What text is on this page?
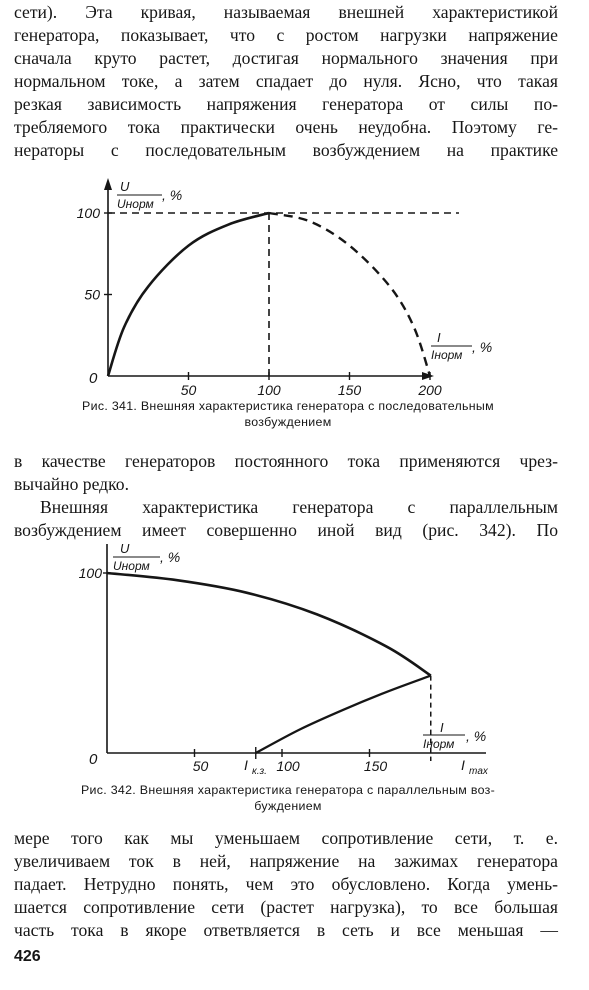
сети). Эта кривая, называемая внешней характеристикой
генератора, показывает, что с ростом нагрузки напряжение
сначала круто растет, достигая нормального значения при
нормальном токе, а затем спадает до нуля. Ясно, что такая
резкая зависимость напряжения генератора от силы по-
требляемого тока практически очень неудобна. Поэтому ге-
нераторы с последовательным возбуждением на практике
U
Uнорм
, %
I
Iнорм , %
0
50
100
50	100	150	200
Рис. 341. Внешняя характеристика генератора с последовательным
возбуждением
в качестве генераторов постоянного тока применяются чрез-
вычайно редко.
Внешняя характеристика генератора с параллельным
возбуждением имеет совершенно иной вид (рис. 342). По
U
Uнорм
, %
I
Iнорм , %
0	I к.з.	I max
100
50	100	150
Рис. 342. Внешняя характеристика генератора с параллельным воз-
буждением
мере того как мы уменьшаем сопротивление сети, т. е.
увеличиваем ток в ней, напряжение на зажимах генератора
падает. Нетрудно понять, чем это обусловлено. Когда умень-
шается сопротивление сети (растет нагрузка), то все большая
часть тока в якоре ответвляется в сеть и все меньшая —
426
